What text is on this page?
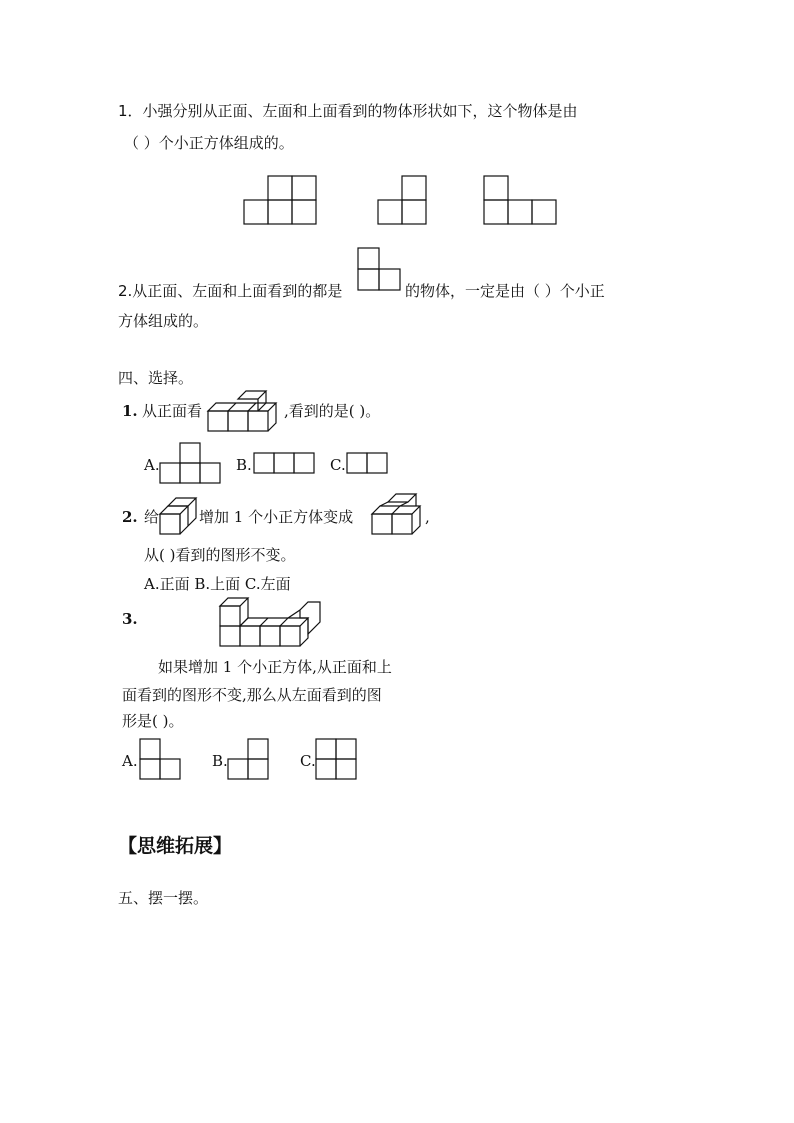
1．小强分别从正面、左面和上面看到的物体形状如下，这个物体是由
（ ）个小正方体组成的。
2.从正面、左面和上面看到的都是	的物体，一定是由（ ）个小正
方体组成的。
四、选择。
1. 从正面看	,看到的是( )。
A.	B.	C.
2. 给	增加 1 个小正方体变成	,
从( )看到的图形不变。
A.正面 B.上面 C.左面
3.
如果增加 1 个小正方体,从正面和上
面看到的图形不变,那么从左面看到的图
形是( )。
A.	B.	C.
【思维拓展】
五、摆一摆。
